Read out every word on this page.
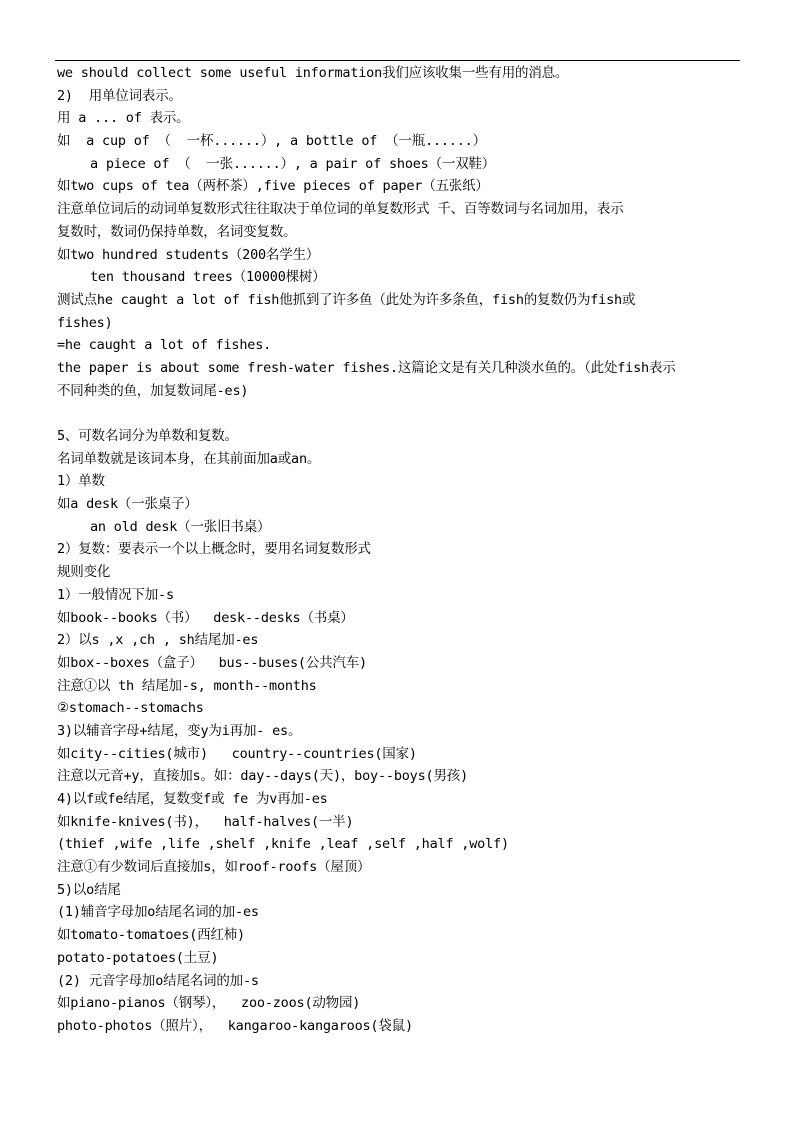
we should collect some useful information我们应该收集一些有用的消息。
2)  用单位词表示。
用 a ... of 表示。
如  a cup of （  一杯......）, a bottle of （一瓶......）
a piece of （  一张......）, a pair of shoes（一双鞋）
如two cups of tea（两杯茶）,five pieces of paper（五张纸）
注意单位词后的动词单复数形式往往取决于单位词的单复数形式 千、百等数词与名词加用，表示
复数时，数词仍保持单数，名词变复数。
如two hundred students（200名学生）
ten thousand trees（10000棵树）
测试点he caught a lot of fish他抓到了许多鱼（此处为许多条鱼，fish的复数仍为fish或
fishes)
=he caught a lot of fishes.
the paper is about some fresh-water fishes.这篇论文是有关几种淡水鱼的。（此处fish表示
不同种类的鱼，加复数词尾-es)
5、可数名词分为单数和复数。
名词单数就是该词本身，在其前面加a或an。
1）单数
如a desk（一张桌子）
an old desk（一张旧书桌）
2）复数：要表示一个以上概念时，要用名词复数形式
规则变化
1）一般情况下加-s
如book--books（书）  desk--desks（书桌）
2）以s ,x ,ch , sh结尾加-es
如box--boxes（盒子）  bus--buses(公共汽车)
注意①以 th 结尾加-s, month--months
②stomach--stomachs
3)以辅音字母+结尾，变y为i再加- es。
如city--cities(城市)   country--countries(国家)
注意以元音+y，直接加s。如：day--days(天)，boy--boys(男孩)
4)以f或fe结尾，复数变f或 fe 为v再加-es
如knife-knives(书)，  half-halves(一半)
(thief ,wife ,life ,shelf ,knife ,leaf ,self ,half ,wolf)
注意①有少数词后直接加s，如roof-roofs（屋顶）
5)以o结尾
(1)辅音字母加o结尾名词的加-es
如tomato-tomatoes(西红柿)
potato-potatoes(土豆)
(2) 元音字母加o结尾名词的加-s
如piano-pianos（钢琴），  zoo-zoos(动物园)
photo-photos（照片），  kangaroo-kangaroos(袋鼠)
